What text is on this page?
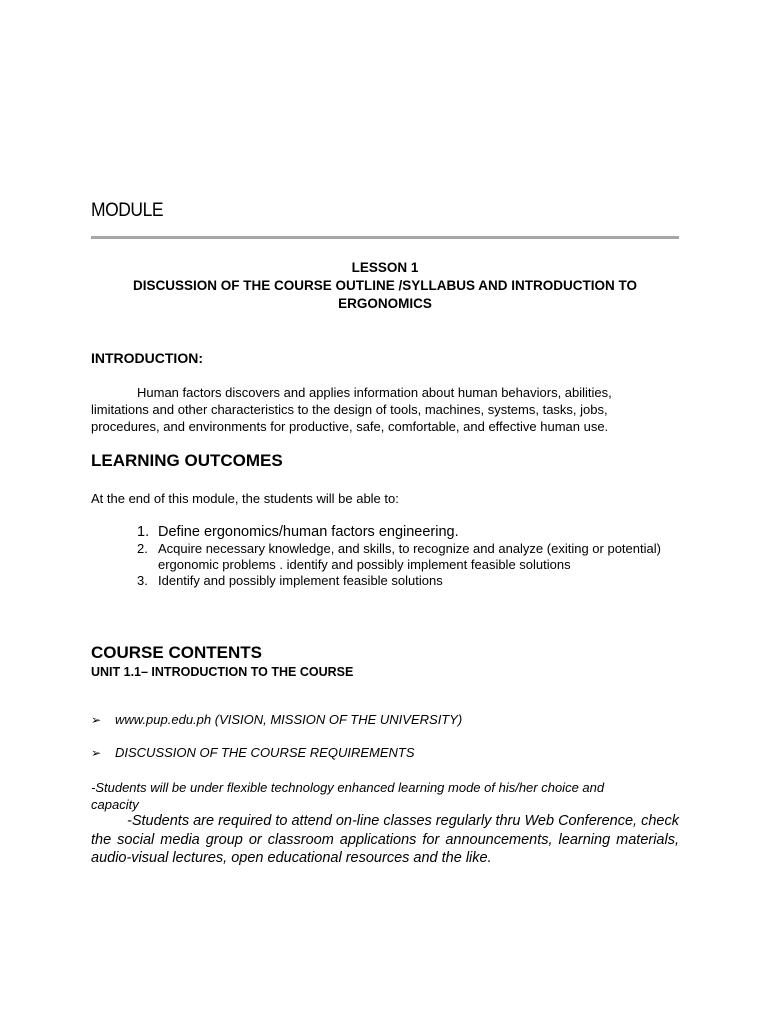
MODULE
LESSON 1
DISCUSSION OF THE COURSE OUTLINE /SYLLABUS AND INTRODUCTION TO
ERGONOMICS
INTRODUCTION:
Human factors discovers and applies information about human behaviors, abilities, limitations and other characteristics to the design of tools, machines, systems, tasks, jobs, procedures, and environments for productive, safe, comfortable, and effective human use.
LEARNING OUTCOMES
At the end of this module, the students will be able to:
1. Define ergonomics/human factors engineering.
2. Acquire necessary knowledge, and skills, to recognize and analyze (exiting or potential) ergonomic problems . identify and possibly implement feasible solutions
3. Identify and possibly implement feasible solutions
COURSE CONTENTS
UNIT 1.1– INTRODUCTION TO THE COURSE
➢ www.pup.edu.ph (VISION, MISSION OF THE UNIVERSITY)
➢ DISCUSSION OF THE COURSE REQUIREMENTS
-Students will be under flexible technology enhanced learning mode of his/her choice and capacity
-Students are required to attend on-line classes regularly thru Web Conference, check the social media group or classroom applications for announcements, learning materials, audio-visual lectures, open educational resources and the like.
